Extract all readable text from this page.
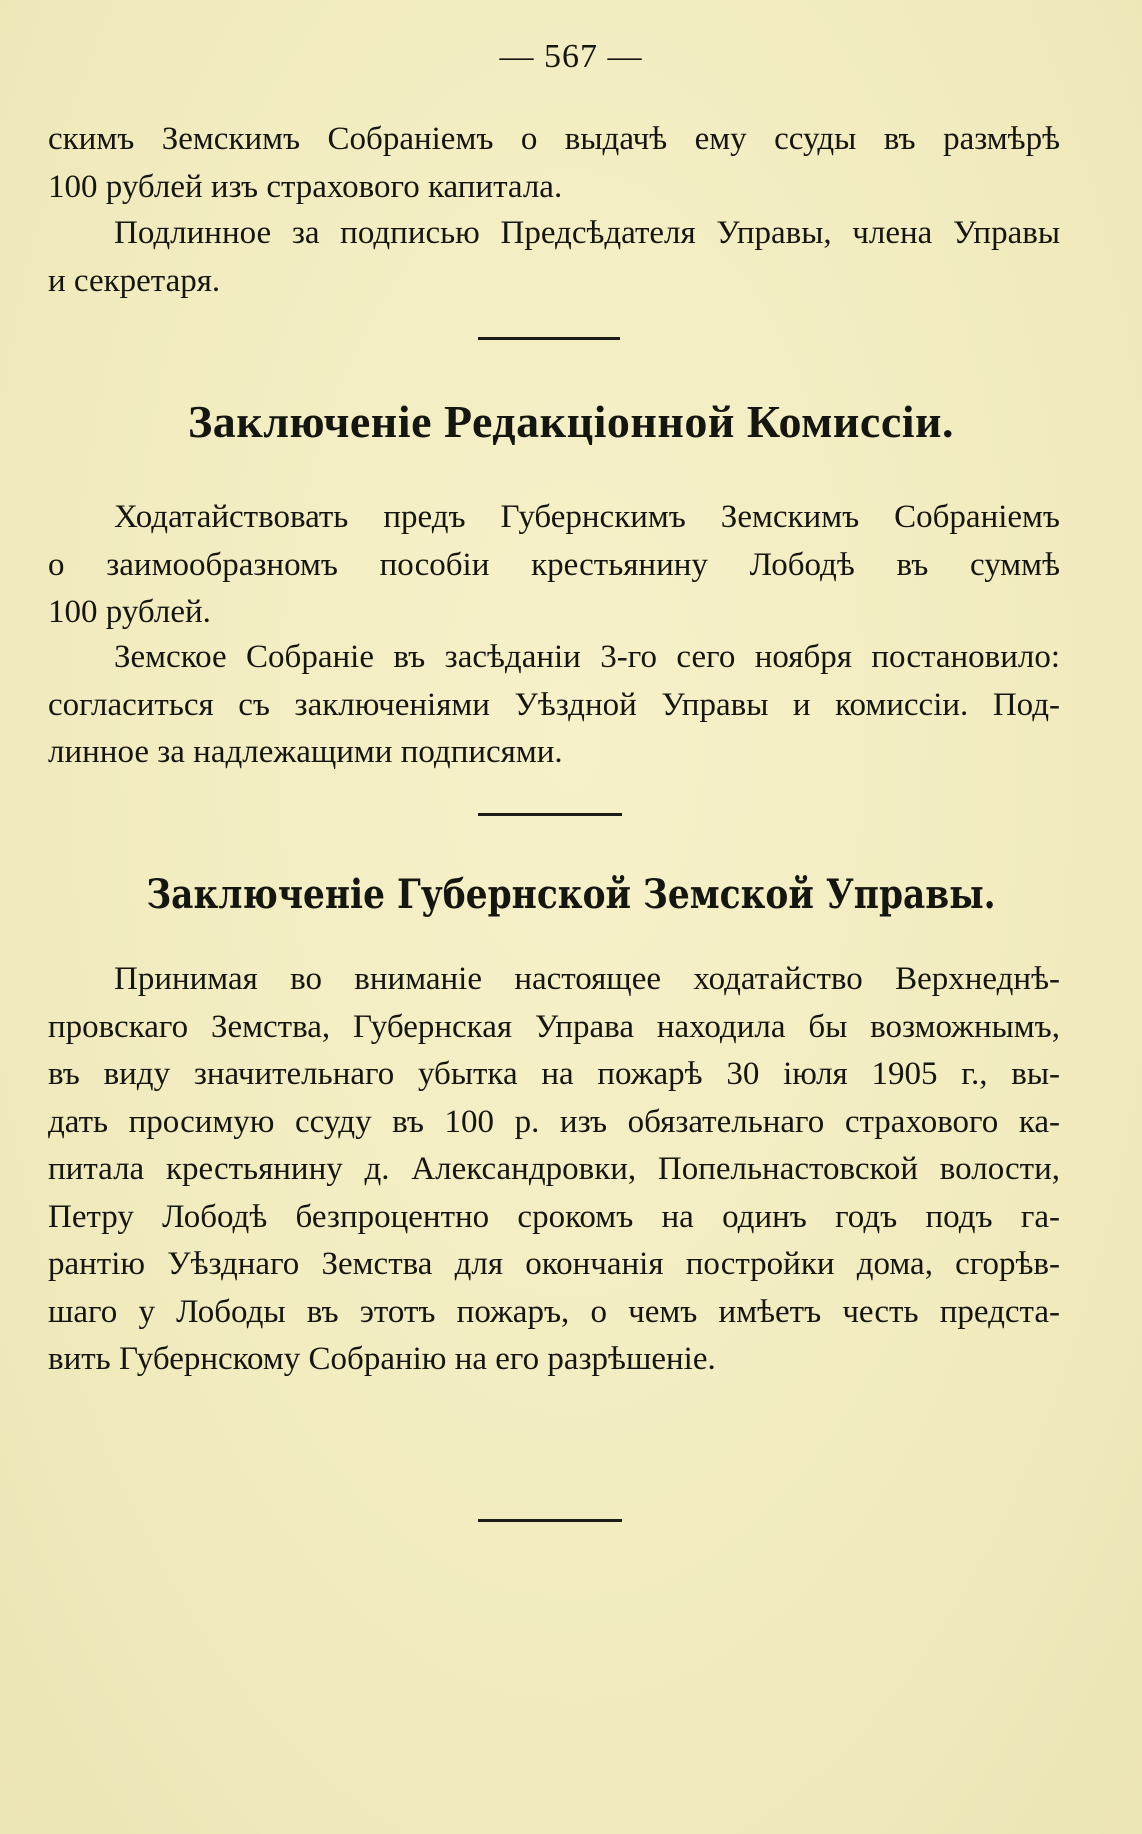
— 567 —
скимъ Земскимъ Собраніемъ о выдачѣ ему ссуды въ размѣрѣ
100 рублей изъ страхового капитала.
Подлинное за подписью Предсѣдателя Управы, члена Управы
и секретаря.
Заключеніе Редакціонной Комиссіи.
Ходатайствовать предъ Губернскимъ Земскимъ Собраніемъ
о заимообразномъ пособіи крестьянину Лободѣ въ суммѣ
100 рублей.
Земское Собраніе въ засѣданіи 3-го сего ноября постановило:
согласиться съ заключеніями Уѣздной Управы и комиссіи. Под-
линное за надлежащими подписями.
Заключеніе Губернской Земской Управы.
Принимая во вниманіе настоящее ходатайство Верхнеднѣ-
провскаго Земства, Губернская Управа находила бы возможнымъ,
въ виду значительнаго убытка на пожарѣ 30 іюля 1905 г., вы-
дать просимую ссуду въ 100 р. изъ обязательнаго страхового ка-
питала крестьянину д. Александровки, Попельнастовской волости,
Петру Лободѣ безпроцентно срокомъ на одинъ годъ подъ га-
рантію Уѣзднаго Земства для окончанія постройки дома, сгорѣв-
шаго у Лободы въ этотъ пожаръ, о чемъ имѣетъ честь предста-
вить Губернскому Собранію на его разрѣшеніе.
